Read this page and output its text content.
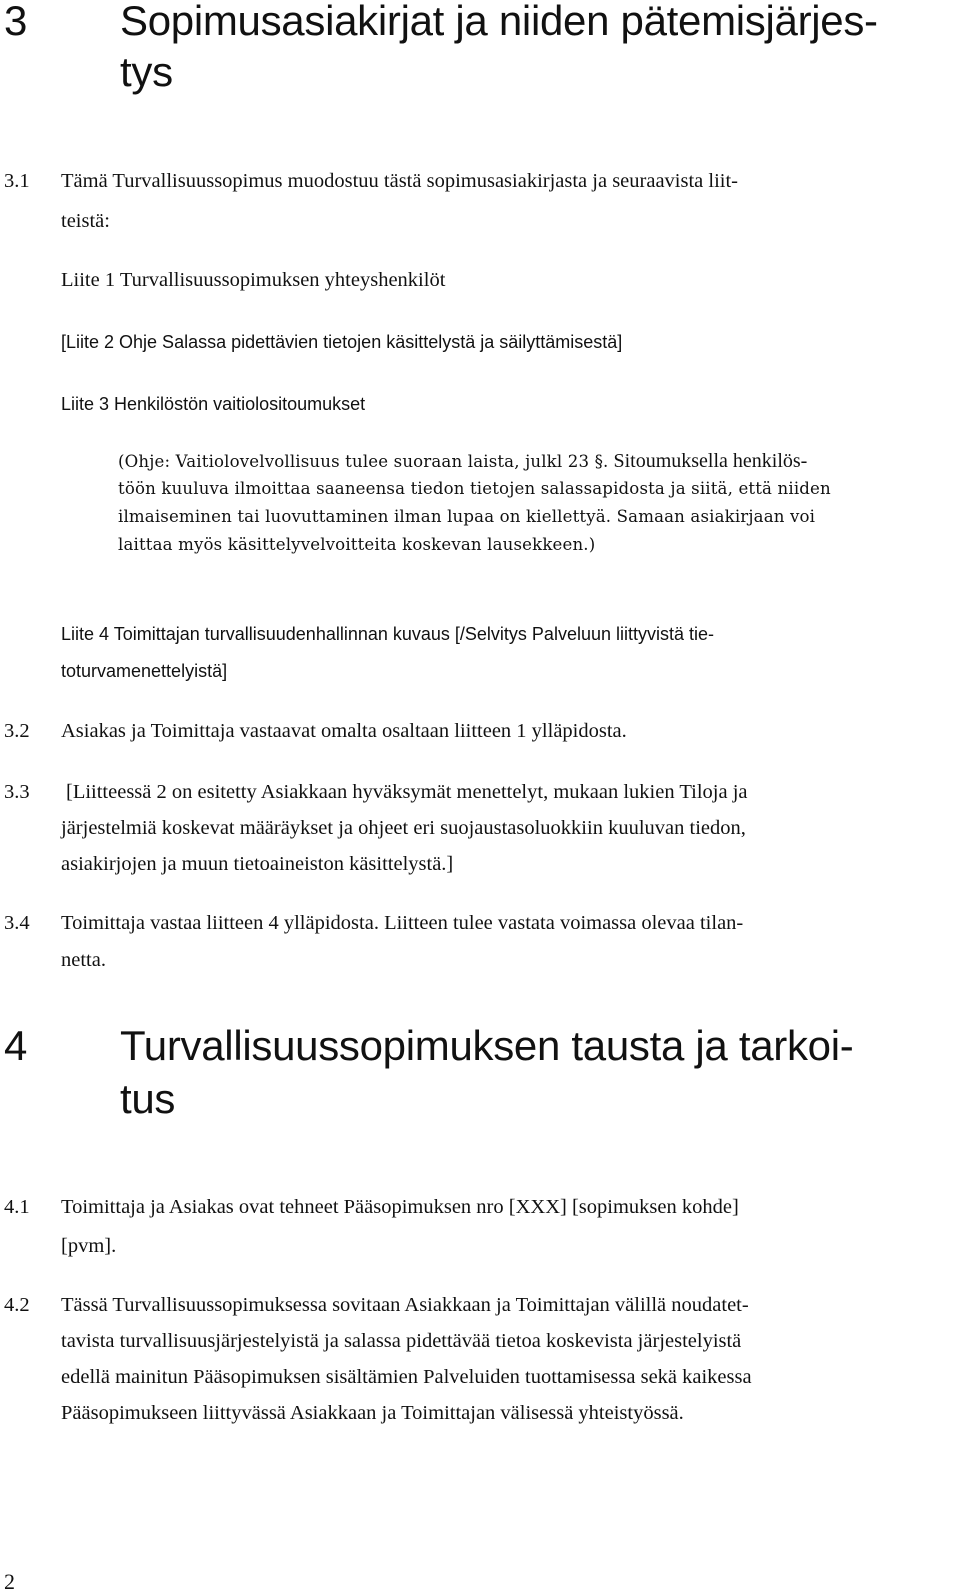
3 Sopimusasiakirjat ja niiden pätemisjärjes-
tys
3.1 Tämä Turvallisuussopimus muodostuu tästä sopimusasiakirjasta ja seuraavista liit-
teistä:
Liite 1 Turvallisuussopimuksen yhteyshenkilöt
[Liite 2 Ohje Salassa pidettävien tietojen käsittelystä ja säilyttämisestä]
Liite 3 Henkilöstön vaitiolositoumukset
(Ohje: Vaitiolovelvollisuus tulee suoraan laista, julkl 23 §. Sitoumuksella henkilös-
töön kuuluva ilmoittaa saaneensa tiedon tietojen salassapidosta ja siitä, että niiden
ilmaiseminen tai luovuttaminen ilman lupaa on kiellettyä. Samaan asiakirjaan voi
laittaa myös käsittelyvelvoitteita koskevan lausekkeen.)
Liite 4 Toimittajan turvallisuudenhallinnan kuvaus [/Selvitys Palveluun liittyvistä tie-
toturvamenettelyistä]
3.2 Asiakas ja Toimittaja vastaavat omalta osaltaan liitteen 1 ylläpidosta.
3.3 [Liitteessä 2 on esitetty Asiakkaan hyväksymät menettelyt, mukaan lukien Tiloja ja
järjestelmiä koskevat määräykset ja ohjeet eri suojaustasoluokkiin kuuluvan tiedon,
asiakirjojen ja muun tietoaineiston käsittelystä.]
3.4 Toimittaja vastaa liitteen 4 ylläpidosta. Liitteen tulee vastata voimassa olevaa tilan-
netta.
4 Turvallisuussopimuksen tausta ja tarkoi-
tus
4.1 Toimittaja ja Asiakas ovat tehneet Pääsopimuksen nro [XXX] [sopimuksen kohde]
[pvm].
4.2 Tässä Turvallisuussopimuksessa sovitaan Asiakkaan ja Toimittajan välillä noudatet-
tavista turvallisuusjärjestelyistä ja salassa pidettävää tietoa koskevista järjestelyistä
edellä mainitun Pääsopimuksen sisältämien Palveluiden tuottamisessa sekä kaikessa
Pääsopimukseen liittyvässä Asiakkaan ja Toimittajan välisessä yhteistyössä.
2
